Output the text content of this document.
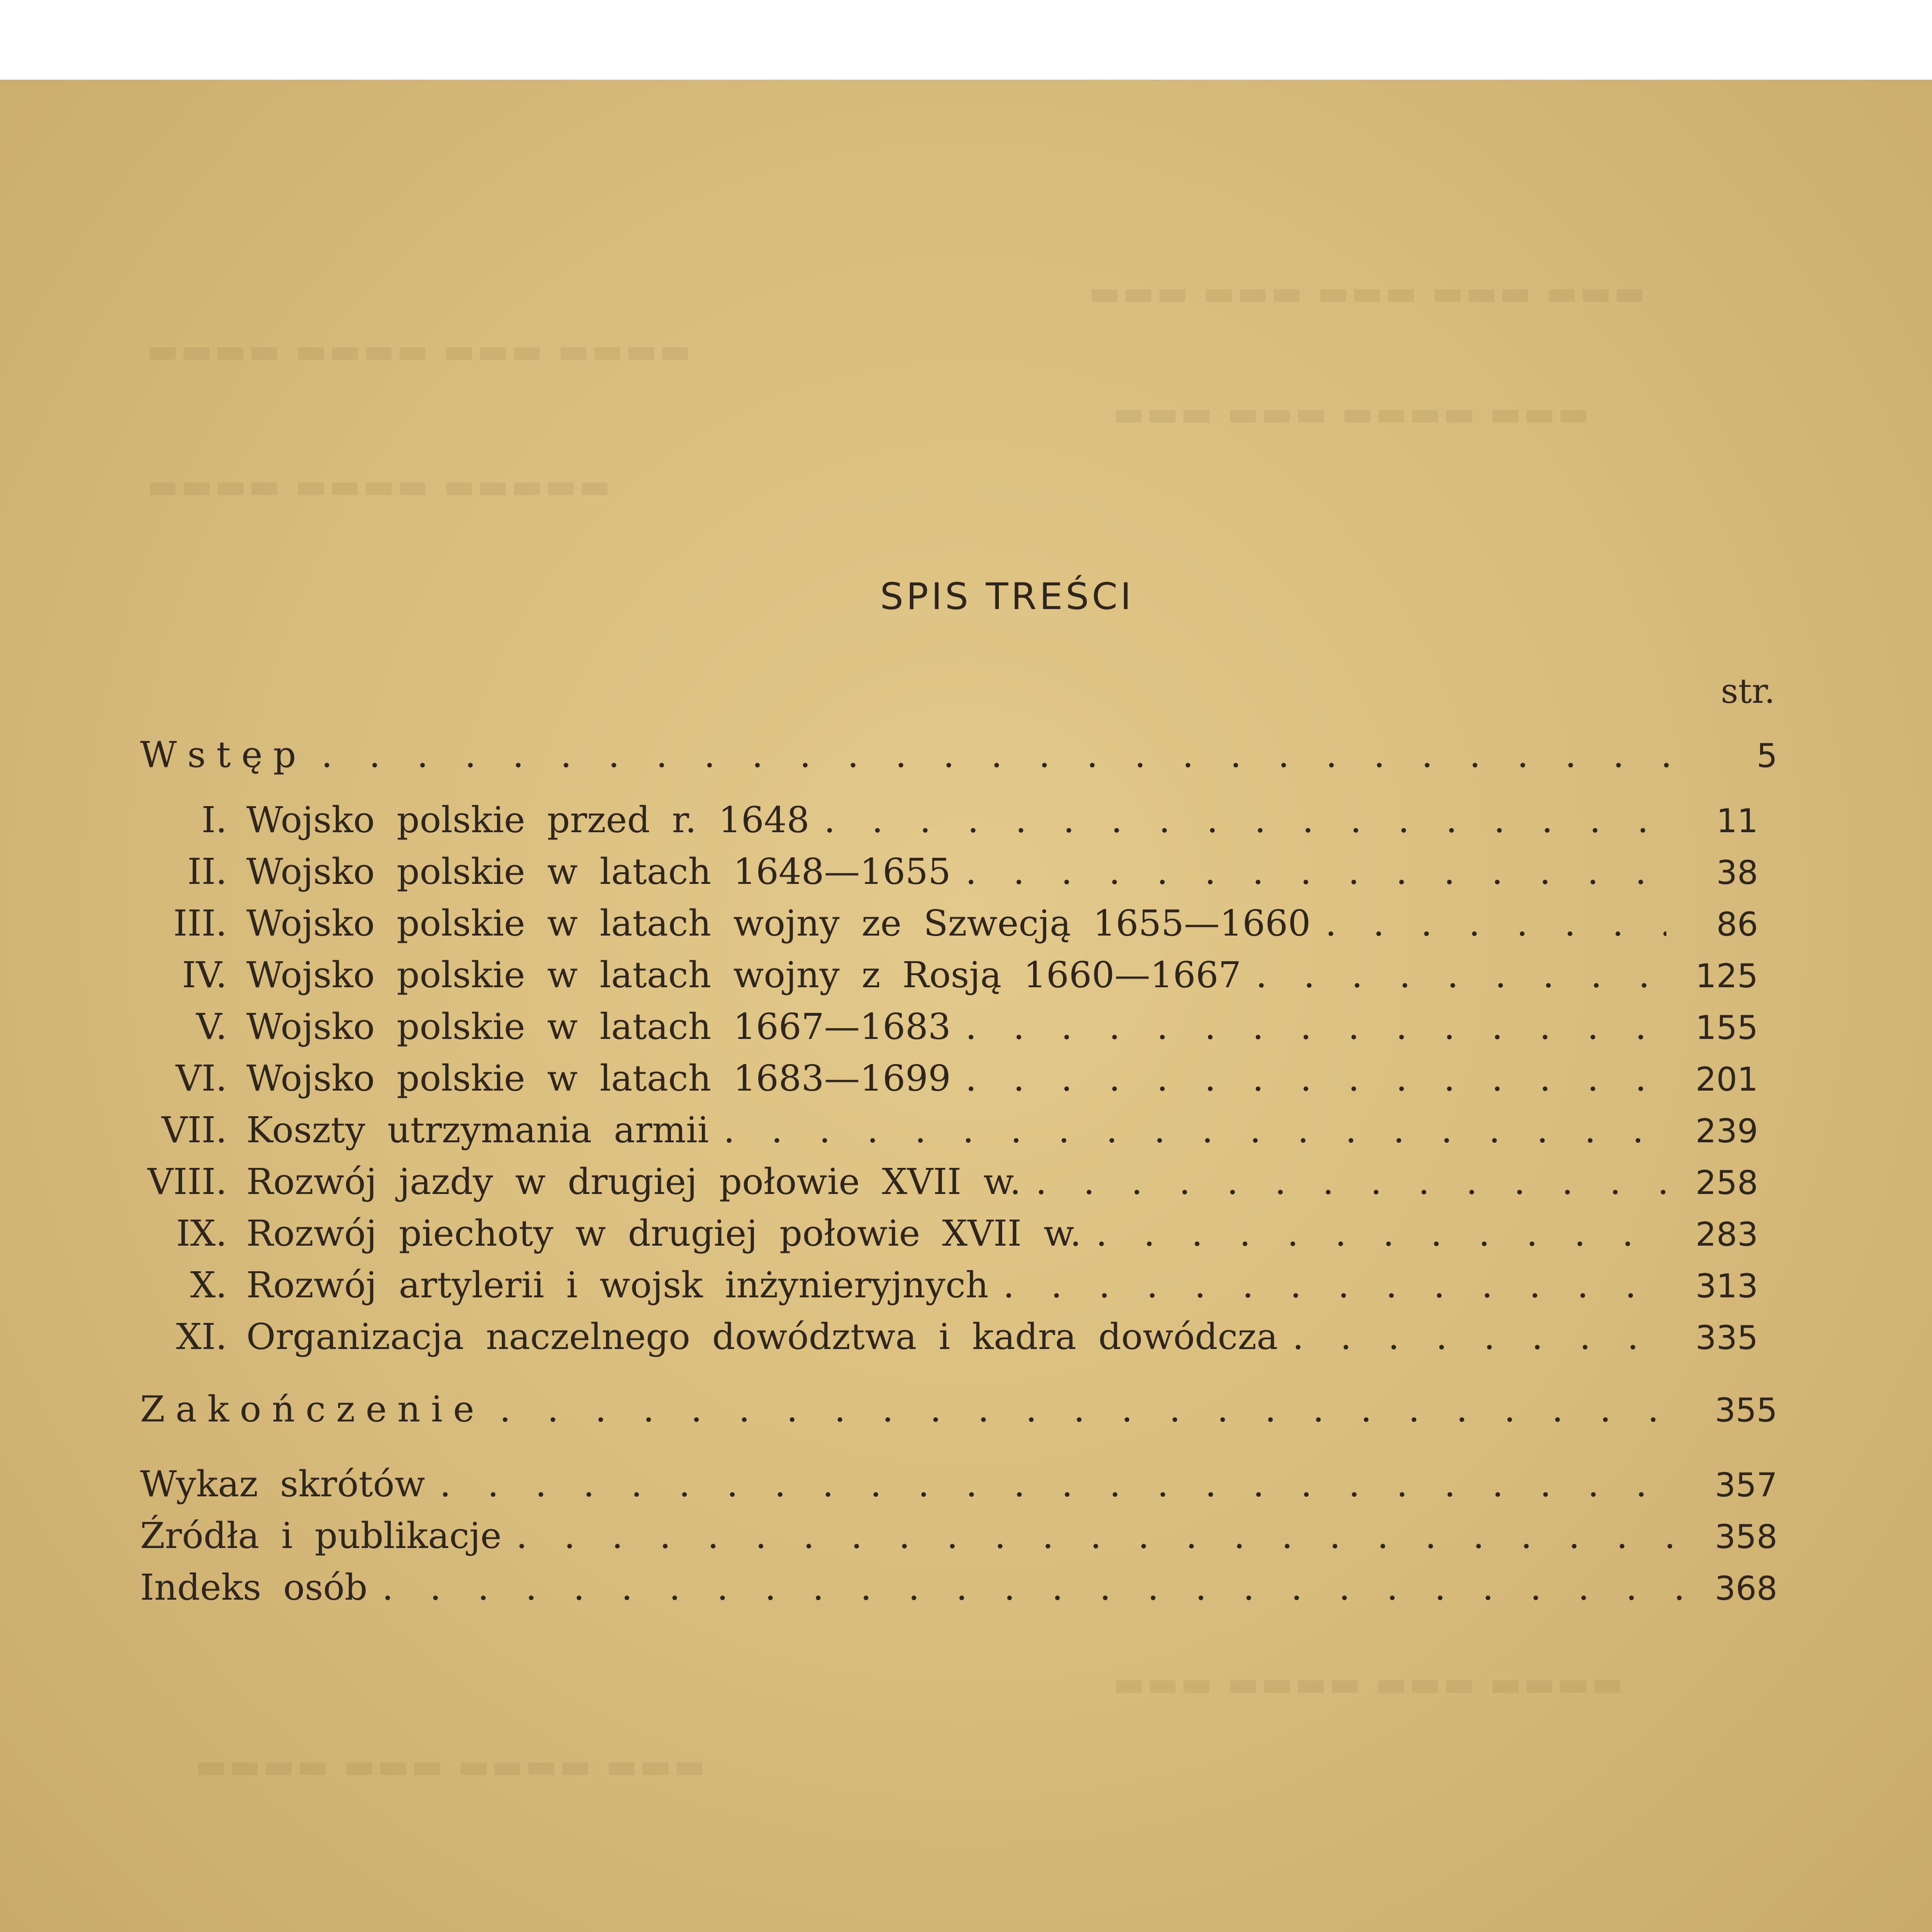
▬▬▬ ▬▬▬ ▬▬▬ ▬▬▬ ▬▬▬
▬▬▬▬ ▬▬▬ ▬▬▬▬ ▬▬▬▬
▬▬▬ ▬▬▬▬ ▬▬▬ ▬▬▬
▬▬▬▬▬ ▬▬▬▬ ▬▬▬▬
▬▬▬▬ ▬▬▬ ▬▬▬▬ ▬▬▬
▬▬▬ ▬▬▬▬ ▬▬▬ ▬▬▬▬
SPIS TREŚCI
str.
Wstęp . . .	5
I. Wojsko polskie przed r. 1648 . . .	11
II. Wojsko polskie w latach 1648—1655 . . .	38
III. Wojsko polskie w latach wojny ze Szwecją 1655—1660 . . .	86
IV. Wojsko polskie w latach wojny z Rosją 1660—1667 . . .	125
V. Wojsko polskie w latach 1667—1683 . . .	155
VI. Wojsko polskie w latach 1683—1699 . . .	201
VII. Koszty utrzymania armii . . .	239
VIII. Rozwój jazdy w drugiej połowie XVII w. . . .	258
IX. Rozwój piechoty w drugiej połowie XVII w. . . .	283
X. Rozwój artylerii i wojsk inżynieryjnych . . .	313
XI. Organizacja naczelnego dowództwa i kadra dowódcza . . .	335
Zakończenie . . .	355
Wykaz skrótów . . .	357
Źródła i publikacje . . .	358
Indeks osób . . .	368
